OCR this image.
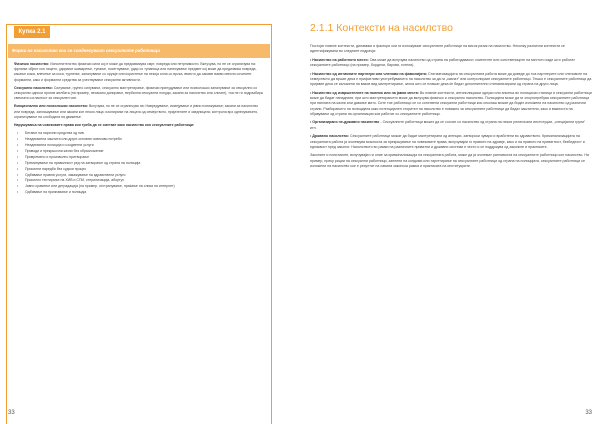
Купка 2.1
Форми на насилство кои се сооднесуваат сексуалните работници

Физичко насилство: Исполнителство физички сили кој е може да предизвикува смрт, повреда или нетрпимости. Вклучува, но не се ограничува на: фрлање објект кон лицето, удирање шамарење, тупање, посегнување, удар со тупаница или нанесување предмет кој може да предизвика повреда, касање кожа, влечење за коса, турнење, запалување со оружје или користење на некоја сила со врска, вместо да сакаме вакви свесни сочинити формални, како и формални средства за учествување сексуални активности.

Сексуално насилство: Силување, групно силување, сексуално малтретирање, физички принудување или психолошко запалување за сексуално со сексуални односи против желбата (на пример, несакано допирање, вербални сексуални понуди, закани за насилство или сличен), тоа не ги подразбира свесната согласност за сексуален чин.

Емоционално или психолошко насилство: Вклучува, но не се ограничува на: Навредување, исмејување и јавно понижување; закани за насилство или повреда, заплашување или закани кон некои лица; изолирање на лицата од семејството, пријателите и заедницата; контрола врз однесувањето, ограничување на слободата на движење.

Нарушувања на човековите права кои треба да се сметаат како насилство кон сексуалните работници:

• Бегање на парични средства од нив
• Неадекватна заштита или други основни човекови потреби
• Неадекватна полиција и соодветни услуги
• Приводи и прекршочни казни без образложение
• Привремено и произволно притворање
• Преминување на правилниот ред на затворање од страна на полиција
• Присилни наредби без судски процес
• Одбивање правни услуги, закажување на здравствени услуги
• Присилно тестирање на ХИВ и СПИ, стерилизација, абортус
• Јавно срамење или деградација (на пример, отстранување, праќање на слика на интернет)
• Одбивање на признавање и полицаја
33
2.1.1 Контексти на насилство

Постојат повеќе контексти, динамики и фактори кои ги изложуваат сексуалните работници на висок ризик на насилство. Неколку различни контексти се идентификувани во следните подрачја:

• Насилство на работното место: Ова може да вклучува насилство од страна на работодавачот, клиентите или сопствениците на местото каде што работат сексуалните работници (на пример, бордели, барови, хотели).

• Насилство од интимните партнери или членови на фамилијата: Стигматизацијата на сексуалната работа може да доведе до тоа партнерите или членовите на семејството да вршат дека е прифатливо употребувањето на насилство за да ги „казнат“ или контролираат сексуалните работници. Тешко е сексуалните работници да пријават дека се изложени на ваков вид малтретирање, затоа што се плашат дека ќе бидат дополнително стигматизирани од страна на други лица.

• Насилство од извршителите на полемо или на јавни места: Во повеќе контексти, антиполициски одлуки или апсења во полициски станици и сексуални работници може да бидат нападнати, при што малтретирањето може да вклучува физичко и сексуално насилство. Полицијата може да ги злоупотребува сексуалните работници при наплата на казни или давање мито. Сите тие работници се со сопствени сексуални работници кои секогаш можат да бидат изложени на насилство од различни страни. Разбирањето на полицијата како потенцијален сторител на насилство е поважно за сексуалните работници да бидат заштитени, како и важноста на објавување од страна на организации кои работат со сексуалните работници.

• Организирано не-државно насилство - Сексуалните работници можат да се соочат со насилство од страна на некои религиозни институции, „специјални групи“ итн.

• Државно насилство: Сексуалните работници можат да бидат малтретирани од агенции, затворски чувари и вработени во здравството. Криминализацијата на сексуалната работа ја зголемува можноста за прекршување на човековите права, вклучувајќи го правото на здравје, како и на правото на приватност, безбедност и еднаквост пред законот. Насилството во рамки на различните приватни и државни системи е често и се поддржува од законите и практиките.

Законите и политиките, вклучувајќи ги оние за криминализација на сексуалната работа, може да ја зголемат ранливоста на сексуалните работници кон насилство. На пример, преку рации на сексуални работници, заплени на кондоми или таргетирање на сексуалните работници од страна на полицијата, сексуалните работници се изложени на насилство кое е резултат на самата законска рамка и практиката на институциите.

33
